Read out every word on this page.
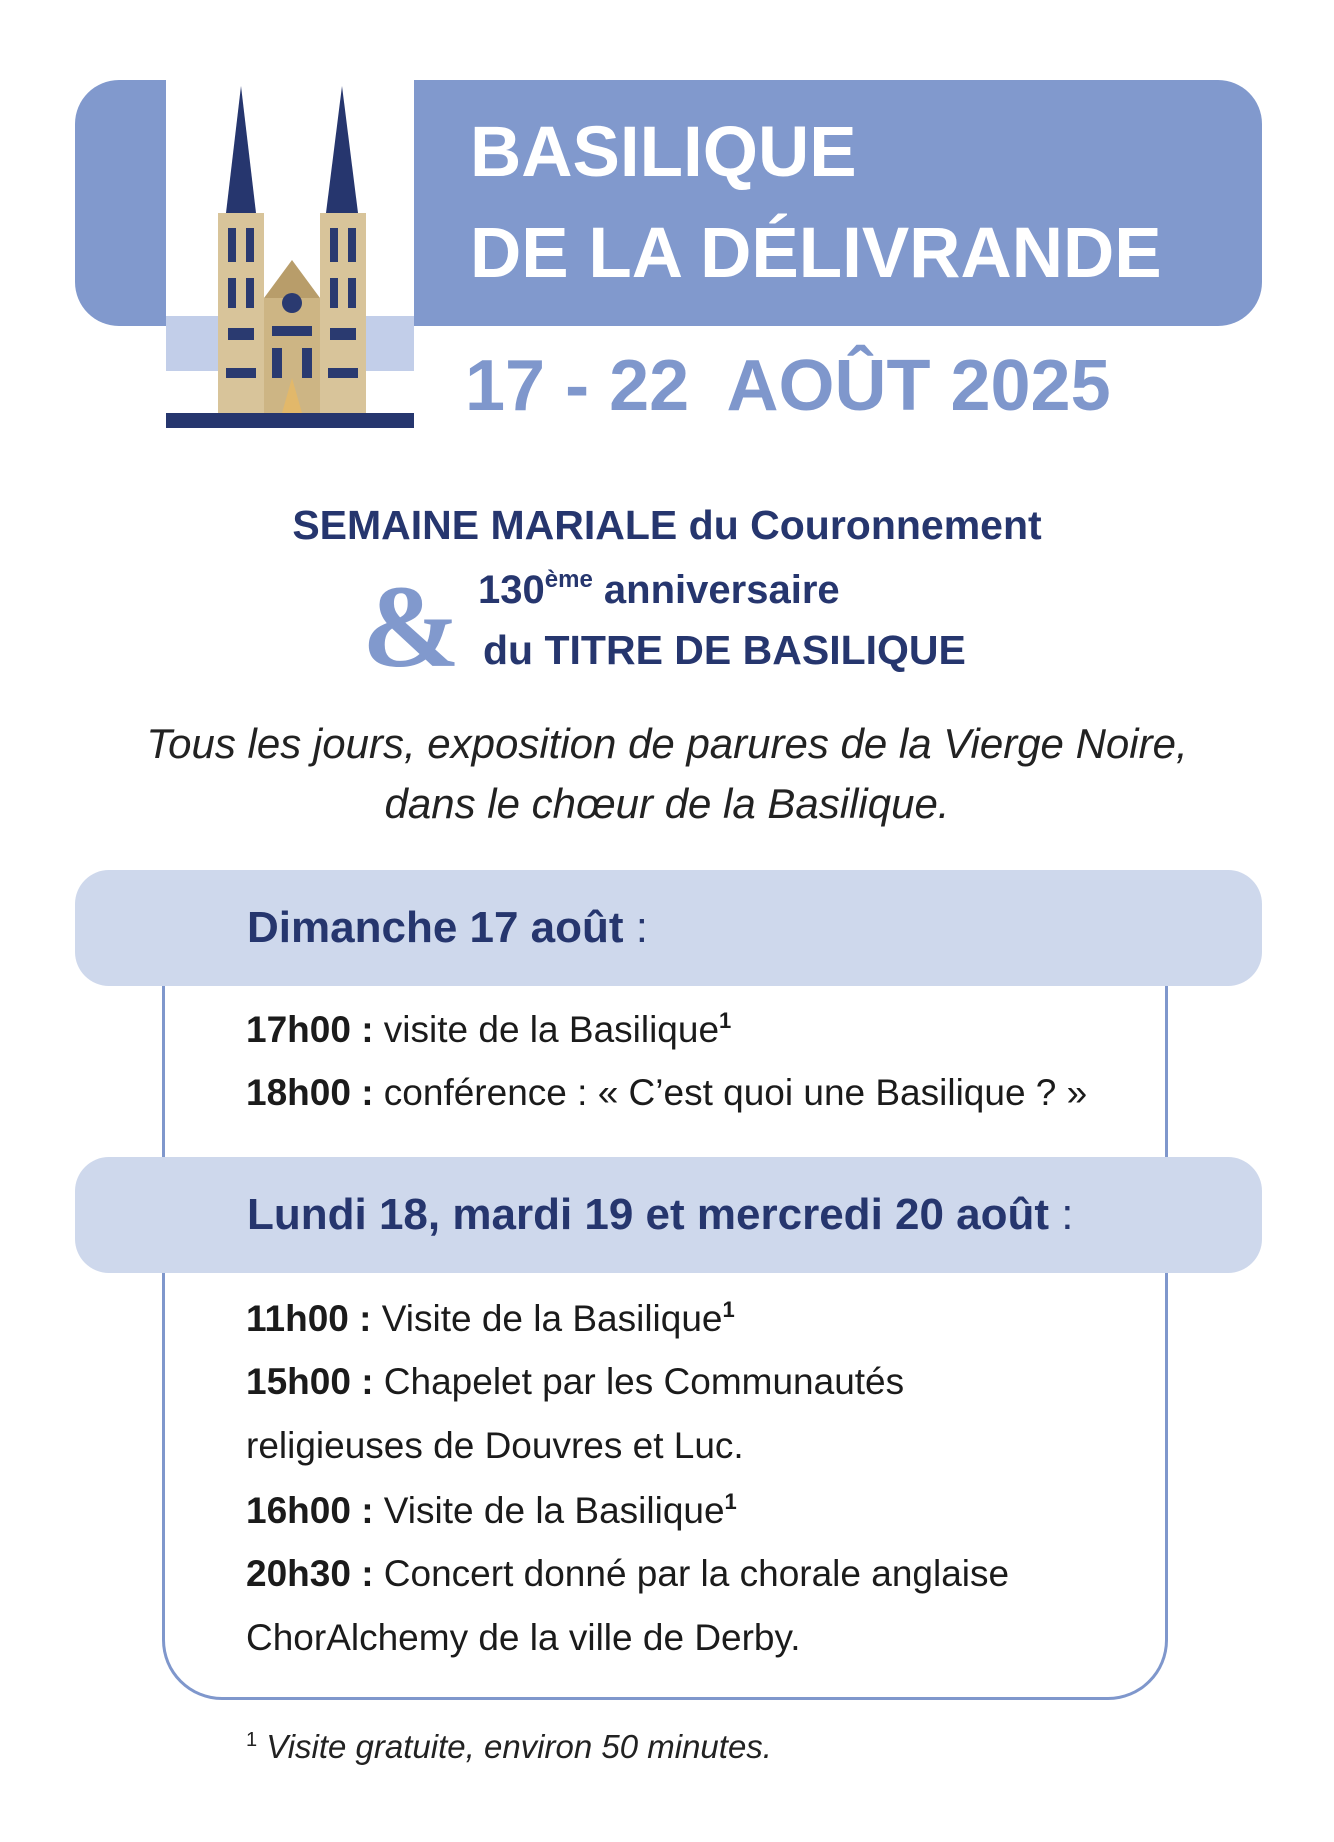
BASILIQUE
DE LA DÉLIVRANDE
17 - 22  AOÛT 2025
SEMAINE MARIALE du Couronnement
& 130ème anniversaire
du TITRE DE BASILIQUE
Tous les jours, exposition de parures de la Vierge Noire,
dans le chœur de la Basilique.
Dimanche 17 août :
17h00 : visite de la Basilique$^1$
18h00 : conférence : « C’est quoi une Basilique ? »
Lundi 18, mardi 19 et mercredi 20 août :
11h00 : Visite de la Basilique$^1$
15h00 : Chapelet par les Communautés
religieuses de Douvres et Luc.
16h00 : Visite de la Basilique$^1$
20h30 : Concert donné par la chorale anglaise
ChorAlchemy de la ville de Derby.
$^1$ Visite gratuite, environ 50 minutes.
